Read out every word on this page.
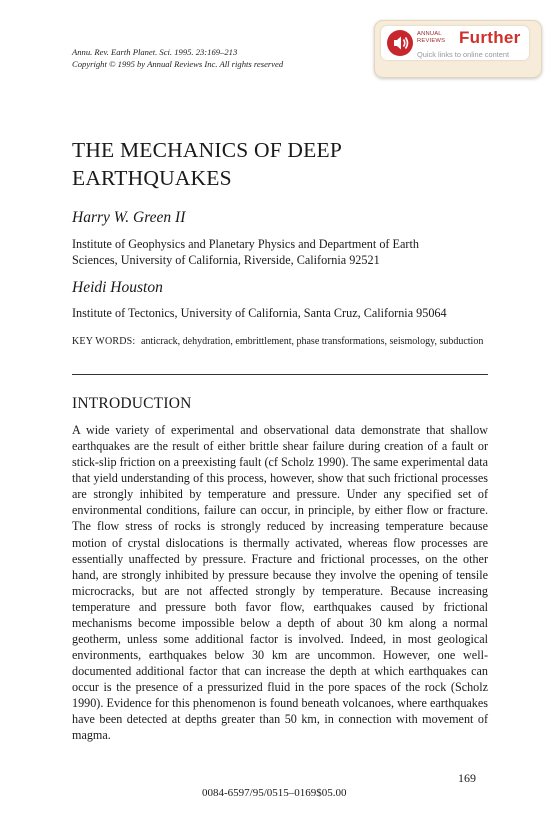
Annu. Rev. Earth Planet. Sci. 1995. 23:169–213
Copyright © 1995 by Annual Reviews Inc. All rights reserved
ANNUAL
REVIEWS Further
Quick links to online content
THE MECHANICS OF DEEP
EARTHQUAKES
Harry W. Green II
Institute of Geophysics and Planetary Physics and Department of Earth
Sciences, University of California, Riverside, California 92521
Heidi Houston
Institute of Tectonics, University of California, Santa Cruz, California 95064
KEY WORDS: anticrack, dehydration, embrittlement, phase transformations, seismology, subduction
INTRODUCTION
A wide variety of experimental and observational data demonstrate that shallow earthquakes are the result of either brittle shear failure during creation of a fault or stick-slip friction on a preexisting fault (cf Scholz 1990). The same experimental data that yield understanding of this process, however, show that such frictional processes are strongly inhibited by temperature and pressure. Under any specified set of environmental conditions, failure can occur, in principle, by either flow or fracture. The flow stress of rocks is strongly reduced by increasing temperature because motion of crystal dislocations is thermally activated, whereas flow processes are essentially unaffected by pressure. Fracture and frictional processes, on the other hand, are strongly inhibited by pressure because they involve the opening of tensile microcracks, but are not affected strongly by temperature. Because increasing temperature and pressure both favor flow, earthquakes caused by frictional mechanisms become impossible below a depth of about 30 km along a normal geotherm, unless some additional factor is involved. Indeed, in most geological environments, earthquakes below 30 km are uncommon. However, one well-documented additional factor that can increase the depth at which earthquakes can occur is the presence of a pressurized fluid in the pore spaces of the rock (Scholz 1990). Evidence for this phenomenon is found beneath volcanoes, where earthquakes have been detected at depths greater than 50 km, in connection with movement of magma.
169
0084-6597/95/0515–0169$05.00
